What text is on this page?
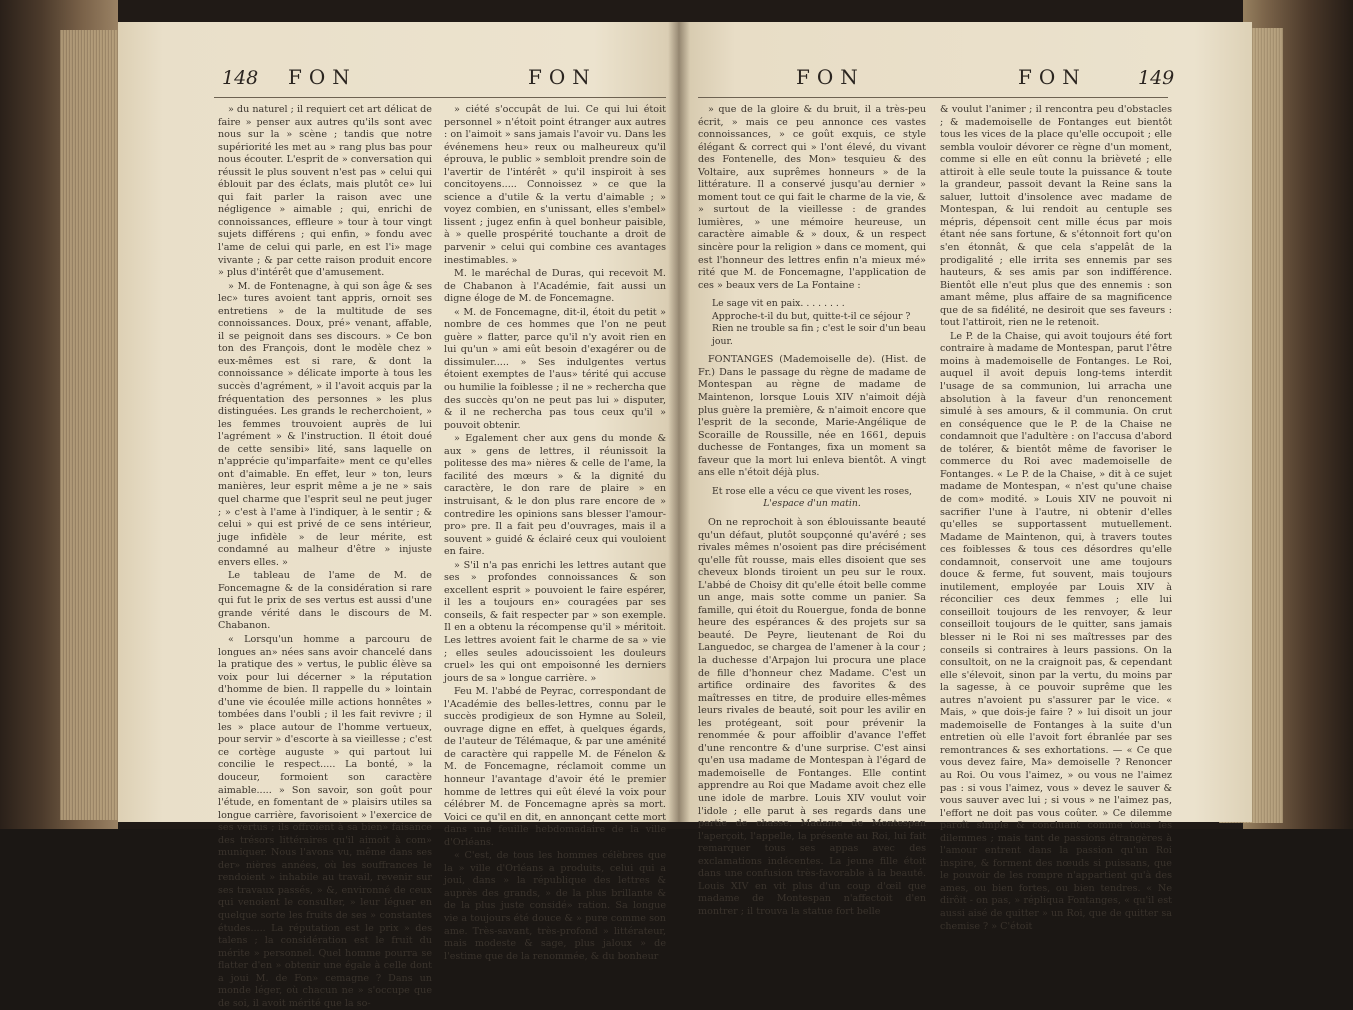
148 FON	FON

» du naturel ; il requiert cet art délicat de faire » penser aux autres qu'ils sont avec nous sur la » scène ; tandis que notre supériorité les met au » rang plus bas pour nous écouter. L'esprit de » conversation qui réussit le plus souvent n'est pas » celui qui éblouit par des éclats, mais plutôt ce» lui qui fait parler la raison avec une négligence » aimable ; qui, enrichi de connoissances, effleure » tour à tour vingt sujets différens ; qui enfin, » fondu avec l'ame de celui qui parle, en est l'i» mage vivante ; & par cette raison produit encore » plus d'intérêt que d'amusement.

» M. de Fontenagne, à qui son âge & ses lec» tures avoient tant appris, ornoit ses entretiens » de la multitude de ses connoissances. Doux, pré» venant, affable, il se peignoit dans ses discours. » Ce bon ton des François, dont le modèle chez » eux-mêmes est si rare, & dont la connoissance » délicate importe à tous les succès d'agrément, » il l'avoit acquis par la fréquentation des personnes » les plus distinguées. Les grands le recherchoient, » les femmes trouvoient auprès de lui l'agrément » & l'instruction. Il étoit doué de cette sensibi» lité, sans laquelle on n'apprécie qu'imparfaite» ment ce qu'elles ont d'aimable. En effet, leur » ton, leurs manières, leur esprit même a je ne » sais quel charme que l'esprit seul ne peut juger ; » c'est à l'ame à l'indiquer, à le sentir ; & celui » qui est privé de ce sens intérieur, juge infidèle » de leur mérite, est condamné au malheur d'être » injuste envers elles. »

Le tableau de l'ame de M. de Foncemagne & de la considération si rare qui fut le prix de ses vertus est aussi d'une grande vérité dans le discours de M. Chabanon.

« Lorsqu'un homme a parcouru de longues an» nées sans avoir chancelé dans la pratique des » vertus, le public élève sa voix pour lui décerner » la réputation d'homme de bien. Il rappelle du » lointain d'une vie écoulée mille actions honnêtes » tombées dans l'oubli ; il les fait revivre ; il les » place autour de l'homme vertueux, pour servir » d'escorte à sa vieillesse ; c'est ce cortège auguste » qui partout lui concilie le respect..... La bonté, » la douceur, formoient son caractère aimable..... » Son savoir, son goût pour l'étude, en fomentant de » plaisirs utiles sa longue carrière, favorisoient » l'exercice de ses vertus ; ils offroient à sa bien» faisance des trésors littéraires qu'il aimoit à com» muniquer. Nous l'avons vu, même dans ses der» nières années, où les souffrances le rendoient » inhabile au travail, revenir sur ses travaux passés, » &, environné de ceux qui venoient le consulter, » leur léguer en quelque sorte les fruits de ses » constantes études..... La réputation est le prix » des talens ; la considération est le fruit du mérite » personnel. Quel homme pourra se flatter d'en » obtenir une égale à celle dont a joui M. de Fon» cemagne ? Dans un monde léger, où chacun ne » s'occupe que de soi, il avoit mérité que la so-

» ciété s'occupât de lui. Ce qui lui étoit personnel » n'étoit point étranger aux autres : on l'aimoit » sans jamais l'avoir vu. Dans les événemens heu» reux ou malheureux qu'il éprouva, le public » sembloit prendre soin de l'avertir de l'intérêt » qu'il inspiroit à ses concitoyens..... Connoissez » ce que la science a d'utile & la vertu d'aimable ; » voyez combien, en s'unissant, elles s'embel» lissent ; jugez enfin à quel bonheur paisible, à » quelle prospérité touchante a droit de parvenir » celui qui combine ces avantages inestimables. »

M. le maréchal de Duras, qui recevoit M. de Chabanon à l'Académie, fait aussi un digne éloge de M. de Foncemagne.

« M. de Foncemagne, dit-il, étoit du petit » nombre de ces hommes que l'on ne peut guère » flatter, parce qu'il n'y avoit rien en lui qu'un » ami eût besoin d'exagérer ou de dissimuler..... » Ses indulgentes vertus étoient exemptes de l'aus» térité qui accuse ou humilie la foiblesse ; il ne » rechercha que des succès qu'on ne peut pas lui » disputer, & il ne rechercha pas tous ceux qu'il » pouvoit obtenir.

» Egalement cher aux gens du monde & aux » gens de lettres, il réunissoit la politesse des ma» nières & celle de l'ame, la facilité des mœurs » & la dignité du caractère, le don rare de plaire » en instruisant, & le don plus rare encore de » contredire les opinions sans blesser l'amour-pro» pre. Il a fait peu d'ouvrages, mais il a souvent » guidé & éclairé ceux qui vouloient en faire.

» S'il n'a pas enrichi les lettres autant que ses » profondes connoissances & son excellent esprit » pouvoient le faire espérer, il les a toujours en» couragées par ses conseils, & fait respecter par » son exemple. Il en a obtenu la récompense qu'il » méritoit. Les lettres avoient fait le charme de sa » vie ; elles seules adoucissoient les douleurs cruel» les qui ont empoisonné les derniers jours de sa » longue carrière. »

Feu M. l'abbé de Peyrac, correspondant de l'Académie des belles-lettres, connu par le succès prodigieux de son Hymne au Soleil, ouvrage digne en effet, à quelques égards, de l'auteur de Télémaque, & par une aménité de caractère qui rappelle M. de Fénelon & M. de Foncemagne, réclamoit comme un honneur l'avantage d'avoir été le premier homme de lettres qui eût élevé la voix pour célébrer M. de Foncemagne après sa mort. Voici ce qu'il en dit, en annonçant cette mort dans une feuille hebdomadaire de la ville d'Orléans.

« C'est, de tous les hommes célèbres que la » ville d'Orléans a produits, celui qui a joui, dans » la république des lettres & auprès des grands, » de la plus brillante & de la plus juste considé» ration. Sa longue vie a toujours été douce & » pure comme son ame. Très-savant, très-profond » littérateur, mais modeste & sage, plus jaloux » de l'estime que de la renommée, & du bonheur

FON	FON	149

» que de la gloire & du bruit, il a très-peu écrit, » mais ce peu annonce ces vastes connoissances, » ce goût exquis, ce style élégant & correct qui » l'ont élevé, du vivant des Fontenelle, des Mon» tesquieu & des Voltaire, aux suprêmes honneurs » de la littérature. Il a conservé jusqu'au dernier » moment tout ce qui fait le charme de la vie, & » surtout de la vieillesse : de grandes lumières, » une mémoire heureuse, un caractère aimable & » doux, & un respect sincère pour la religion » dans ce moment, qui est l'honneur des lettres enfin n'a mieux mé» rité que M. de Foncemagne, l'application de ces » beaux vers de La Fontaine :

Le sage vit en paix. . . . . . . .
Approche-t-il du but, quitte-t-il ce séjour ?
Rien ne trouble sa fin ; c'est le soir d'un beau jour.

FONTANGES (Mademoiselle de). (Hist. de Fr.) Dans le passage du règne de madame de Montespan au règne de madame de Maintenon, lorsque Louis XIV n'aimoit déjà plus guère la première, & n'aimoit encore que l'esprit de la seconde, Marie-Angélique de Scoraille de Roussille, née en 1661, depuis duchesse de Fontanges, fixa un moment sa faveur que la mort lui enleva bientôt. A vingt ans elle n'étoit déjà plus.

Et rose elle a vécu ce que vivent les roses,
L'espace d'un matin.

On ne reprochoit à son éblouissante beauté qu'un défaut, plutôt soupçonné qu'avéré ; ses rivales mêmes n'osoient pas dire précisément qu'elle fût rousse, mais elles disoient que ses cheveux blonds tiroient un peu sur le roux. L'abbé de Choisy dit qu'elle étoit belle comme un ange, mais sotte comme un panier. Sa famille, qui étoit du Rouergue, fonda de bonne heure des espérances & des projets sur sa beauté. De Peyre, lieutenant de Roi du Languedoc, se chargea de l'amener à la cour ; la duchesse d'Arpajon lui procura une place de fille d'honneur chez Madame. C'est un artifice ordinaire des favorites & des maîtresses en titre, de produire elles-mêmes leurs rivales de beauté, soit pour les avilir en les protégeant, soit pour prévenir la renommée & pour affoiblir d'avance l'effet d'une rencontre & d'une surprise. C'est ainsi qu'en usa madame de Montespan à l'égard de mademoiselle de Fontanges. Elle contint apprendre au Roi que Madame avoit chez elle une idole de marbre. Louis XIV voulut voir l'idole ; elle parut à ses regards dans une partie de chasse. Madame de Montespan l'aperçoit, l'appelle, la présente au Roi, lui fait remarquer tous ses appas avec des exclamations indécentes. La jeune fille étoit dans une confusion très-favorable à la beauté. Louis XIV en vit plus d'un coup d'œil que madame de Montespan n'affectoit d'en montrer ; il trouva la statue fort belle

& voulut l'animer ; il rencontra peu d'obstacles ; & mademoiselle de Fontanges eut bientôt tous les vices de la place qu'elle occupoit ; elle sembla vouloir dévorer ce règne d'un moment, comme si elle en eût connu la brièveté ; elle attiroit à elle seule toute la puissance & toute la grandeur, passoit devant la Reine sans la saluer, luttoit d'insolence avec madame de Montespan, & lui rendoit au centuple ses mépris, dépensoit cent mille écus par mois étant née sans fortune, & s'étonnoit fort qu'on s'en étonnât, & que cela s'appelât de la prodigalité ; elle irrita ses ennemis par ses hauteurs, & ses amis par son indifférence. Bientôt elle n'eut plus que des ennemis : son amant même, plus affaire de sa magnificence que de sa fidélité, ne desiroit que ses faveurs : tout l'attiroit, rien ne le retenoit.

Le P. de la Chaise, qui avoit toujours été fort contraire à madame de Montespan, parut l'être moins à mademoiselle de Fontanges. Le Roi, auquel il avoit depuis long-tems interdit l'usage de sa communion, lui arracha une absolution à la faveur d'un renoncement simulé à ses amours, & il communia. On crut en conséquence que le P. de la Chaise ne condamnoit que l'adultère : on l'accusa d'abord de tolérer, & bientôt même de favoriser le commerce du Roi avec mademoiselle de Fontanges. « Le P. de la Chaise, » dit à ce sujet madame de Montespan, « n'est qu'une chaise de com» modité. » Louis XIV ne pouvoit ni sacrifier l'une à l'autre, ni obtenir d'elles qu'elles se supportassent mutuellement. Madame de Maintenon, qui, à travers toutes ces foiblesses & tous ces désordres qu'elle condamnoit, conservoit une ame toujours douce & ferme, fut souvent, mais toujours inutilement, employée par Louis XIV à réconcilier ces deux femmes ; elle lui conseilloit toujours de les renvoyer, & leur conseilloit toujours de le quitter, sans jamais blesser ni le Roi ni ses maîtresses par des conseils si contraires à leurs passions. On la consultoit, on ne la craignoit pas, & cependant elle s'élevoit, sinon par la vertu, du moins par la sagesse, à ce pouvoir suprême que les autres n'avoient pu s'assurer par le vice. « Mais, » que dois-je faire ? » lui disoit un jour mademoiselle de Fontanges à la suite d'un entretien où elle l'avoit fort ébranlée par ses remontrances & ses exhortations. — « Ce que vous devez faire, Ma» demoiselle ? Renoncer au Roi. Ou vous l'aimez, » ou vous ne l'aimez pas : si vous l'aimez, vous » devez le sauver & vous sauver avec lui ; si vous » ne l'aimez pas, l'effort ne doit pas vous coûter. » Ce dilemme paroît simple & concluant comme tous les dilemmes ; mais tant de passions étrangères à l'amour entrent dans la passion qu'un Roi inspire, & forment des nœuds si puissans, que le pouvoir de les rompre n'appartient qu'à des ames, ou bien fortes, ou bien tendres. « Ne dirôit - on pas, » répliqua Fontanges, « qu'il est aussi aisé de quitter » un Roi, que de quitter sa chemise ? » C'étoit
